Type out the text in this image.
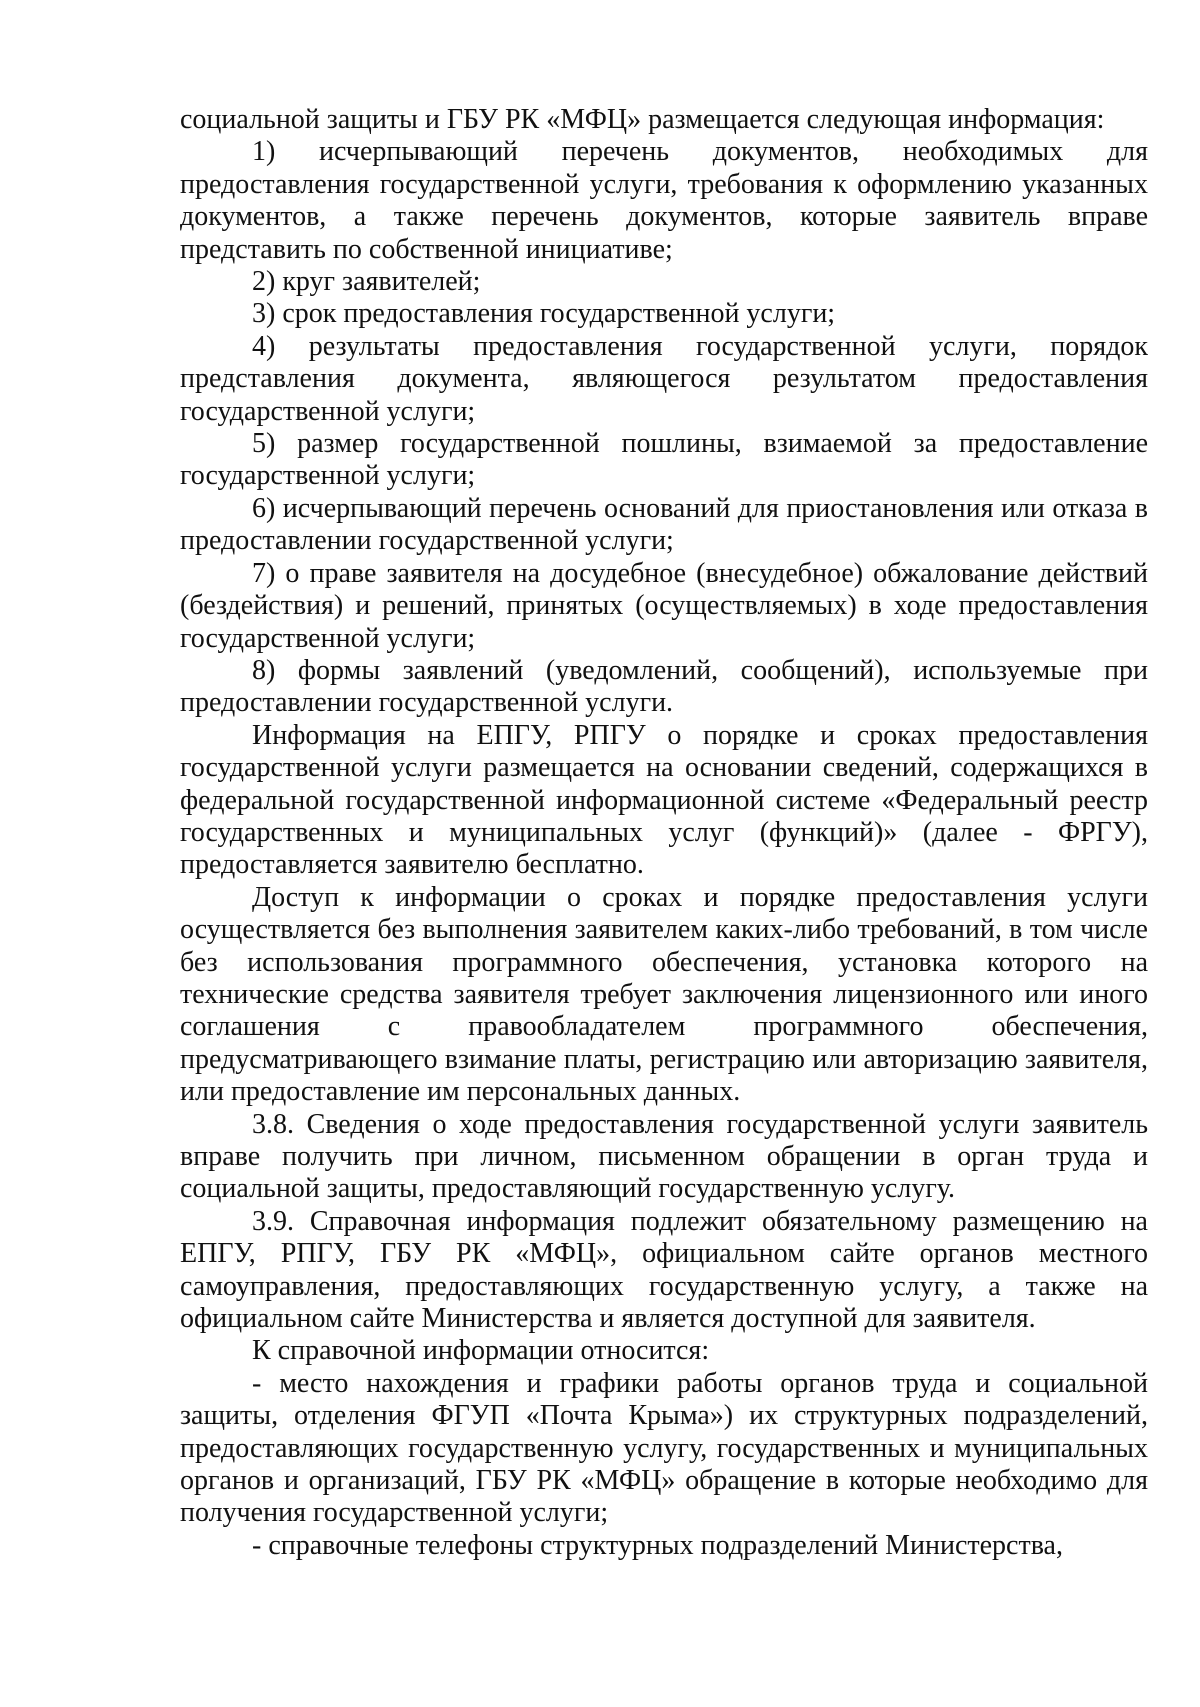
социальной защиты и ГБУ РК «МФЦ» размещается следующая информация:

1) исчерпывающий перечень документов, необходимых для предоставления государственной услуги, требования к оформлению указанных документов, а также перечень документов, которые заявитель вправе представить по собственной инициативе;

2) круг заявителей;

3) срок предоставления государственной услуги;

4) результаты предоставления государственной услуги, порядок представления документа, являющегося результатом предоставления государственной услуги;

5) размер государственной пошлины, взимаемой за предоставление государственной услуги;

6) исчерпывающий перечень оснований для приостановления или отказа в предоставлении государственной услуги;

7) о праве заявителя на досудебное (внесудебное) обжалование действий (бездействия) и решений, принятых (осуществляемых) в ходе предоставления государственной услуги;

8) формы заявлений (уведомлений, сообщений), используемые при предоставлении государственной услуги.

Информация на ЕПГУ, РПГУ о порядке и сроках предоставления государственной услуги размещается на основании сведений, содержащихся в федеральной государственной информационной системе «Федеральный реестр государственных и муниципальных услуг (функций)» (далее - ФРГУ), предоставляется заявителю бесплатно.

Доступ к информации о сроках и порядке предоставления услуги осуществляется без выполнения заявителем каких-либо требований, в том числе без использования программного обеспечения, установка которого на технические средства заявителя требует заключения лицензионного или иного соглашения с правообладателем программного обеспечения, предусматривающего взимание платы, регистрацию или авторизацию заявителя, или предоставление им персональных данных.

3.8. Сведения о ходе предоставления государственной услуги заявитель вправе получить при личном, письменном обращении в орган труда и социальной защиты, предоставляющий государственную услугу.

3.9. Справочная информация подлежит обязательному размещению на ЕПГУ, РПГУ, ГБУ РК «МФЦ», официальном сайте органов местного самоуправления, предоставляющих государственную услугу, а также на официальном сайте Министерства и является доступной для заявителя.

К справочной информации относится:

- место нахождения и графики работы органов труда и социальной защиты, отделения ФГУП «Почта Крыма») их структурных подразделений, предоставляющих государственную услугу, государственных и муниципальных органов и организаций, ГБУ РК «МФЦ» обращение в которые необходимо для получения государственной услуги;

- справочные телефоны структурных подразделений Министерства,
